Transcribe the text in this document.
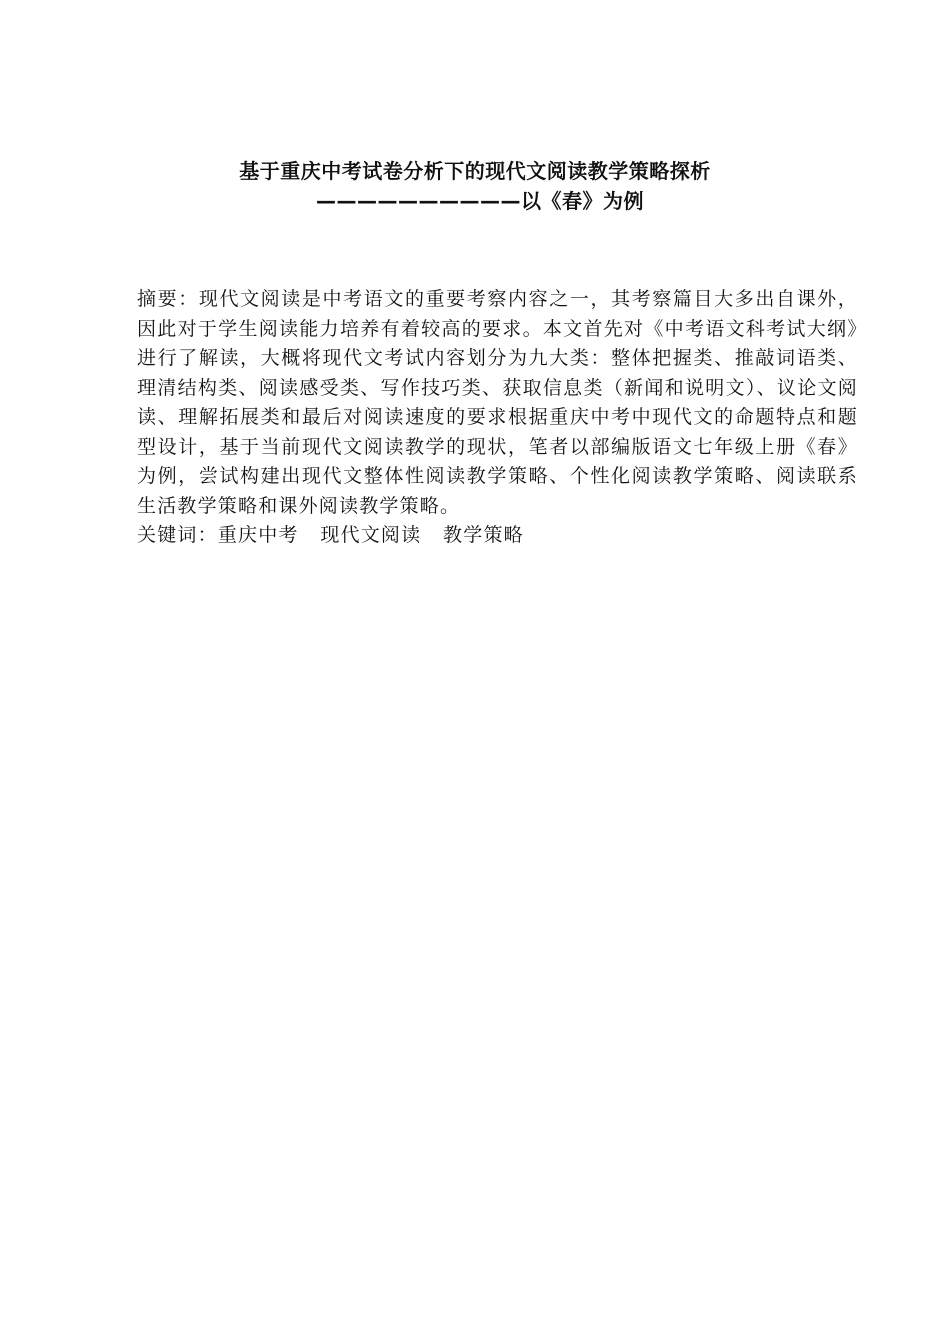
基于重庆中考试卷分析下的现代文阅读教学策略探析
——————————以《春》为例

摘要：现代文阅读是中考语文的重要考察内容之一，其考察篇目大多出自课外，因此对于学生阅读能力培养有着较高的要求。本文首先对《中考语文科考试大纲》进行了解读，大概将现代文考试内容划分为九大类：整体把握类、推敲词语类、理清结构类、阅读感受类、写作技巧类、获取信息类（新闻和说明文）、议论文阅读、理解拓展类和最后对阅读速度的要求根据重庆中考中现代文的命题特点和题型设计，基于当前现代文阅读教学的现状，笔者以部编版语文七年级上册《春》为例，尝试构建出现代文整体性阅读教学策略、个性化阅读教学策略、阅读联系生活教学策略和课外阅读教学策略。

关键词：重庆中考   现代文阅读   教学策略
